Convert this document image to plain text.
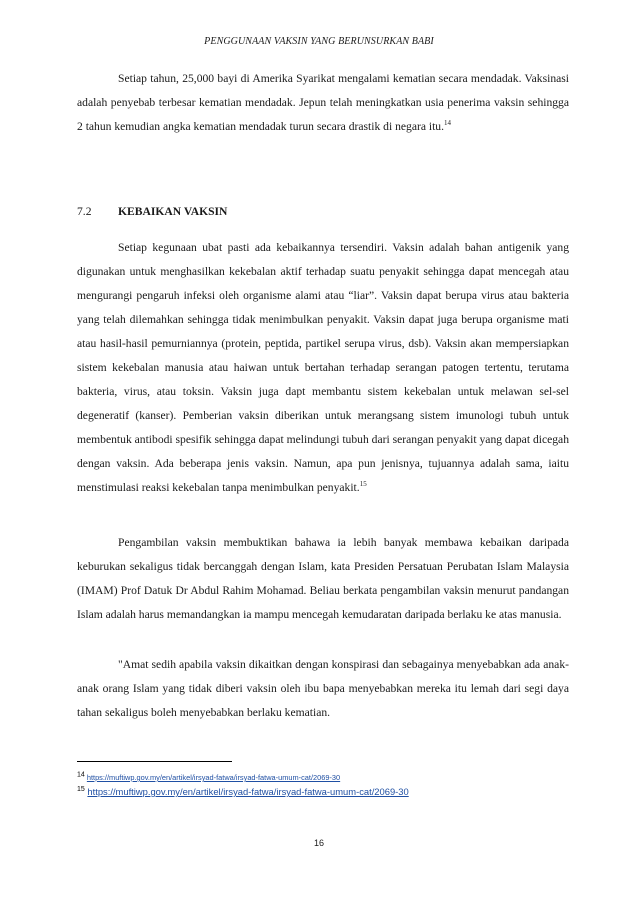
PENGGUNAAN VAKSIN YANG BERUNSURKAN BABI

Setiap tahun, 25,000 bayi di Amerika Syarikat mengalami kematian secara mendadak. Vaksinasi adalah penyebab terbesar kematian mendadak. Jepun telah meningkatkan usia penerima vaksin sehingga 2 tahun kemudian angka kematian mendadak turun secara drastik di negara itu.$^{14}$

7.2 KEBAIKAN VAKSIN

Setiap kegunaan ubat pasti ada kebaikannya tersendiri. Vaksin adalah bahan antigenik yang digunakan untuk menghasilkan kekebalan aktif terhadap suatu penyakit sehingga dapat mencegah atau mengurangi pengaruh infeksi oleh organisme alami atau “liar”. Vaksin dapat berupa virus atau bakteria yang telah dilemahkan sehingga tidak menimbulkan penyakit. Vaksin dapat juga berupa organisme mati atau hasil-hasil pemurniannya (protein, peptida, partikel serupa virus, dsb). Vaksin akan mempersiapkan sistem kekebalan manusia atau haiwan untuk bertahan terhadap serangan patogen tertentu, terutama bakteria, virus, atau toksin. Vaksin juga dapt membantu sistem kekebalan untuk melawan sel-sel degeneratif (kanser). Pemberian vaksin diberikan untuk merangsang sistem imunologi tubuh untuk membentuk antibodi spesifik sehingga dapat melindungi tubuh dari serangan penyakit yang dapat dicegah dengan vaksin. Ada beberapa jenis vaksin. Namun, apa pun jenisnya, tujuannya adalah sama, iaitu menstimulasi reaksi kekebalan tanpa menimbulkan penyakit.$^{15}$

Pengambilan vaksin membuktikan bahawa ia lebih banyak membawa kebaikan daripada keburukan sekaligus tidak bercanggah dengan Islam, kata Presiden Persatuan Perubatan Islam Malaysia (IMAM) Prof Datuk Dr Abdul Rahim Mohamad. Beliau berkata pengambilan vaksin menurut pandangan Islam adalah harus memandangkan ia mampu mencegah kemudaratan daripada berlaku ke atas manusia.

"Amat sedih apabila vaksin dikaitkan dengan konspirasi dan sebagainya menyebabkan ada anak-anak orang Islam yang tidak diberi vaksin oleh ibu bapa menyebabkan mereka itu lemah dari segi daya tahan sekaligus boleh menyebabkan berlaku kematian.

$^{14}$ https://muftiwp.gov.my/en/artikel/irsyad-fatwa/irsyad-fatwa-umum-cat/2069-30
$^{15}$ https://muftiwp.gov.my/en/artikel/irsyad-fatwa/irsyad-fatwa-umum-cat/2069-30
16
